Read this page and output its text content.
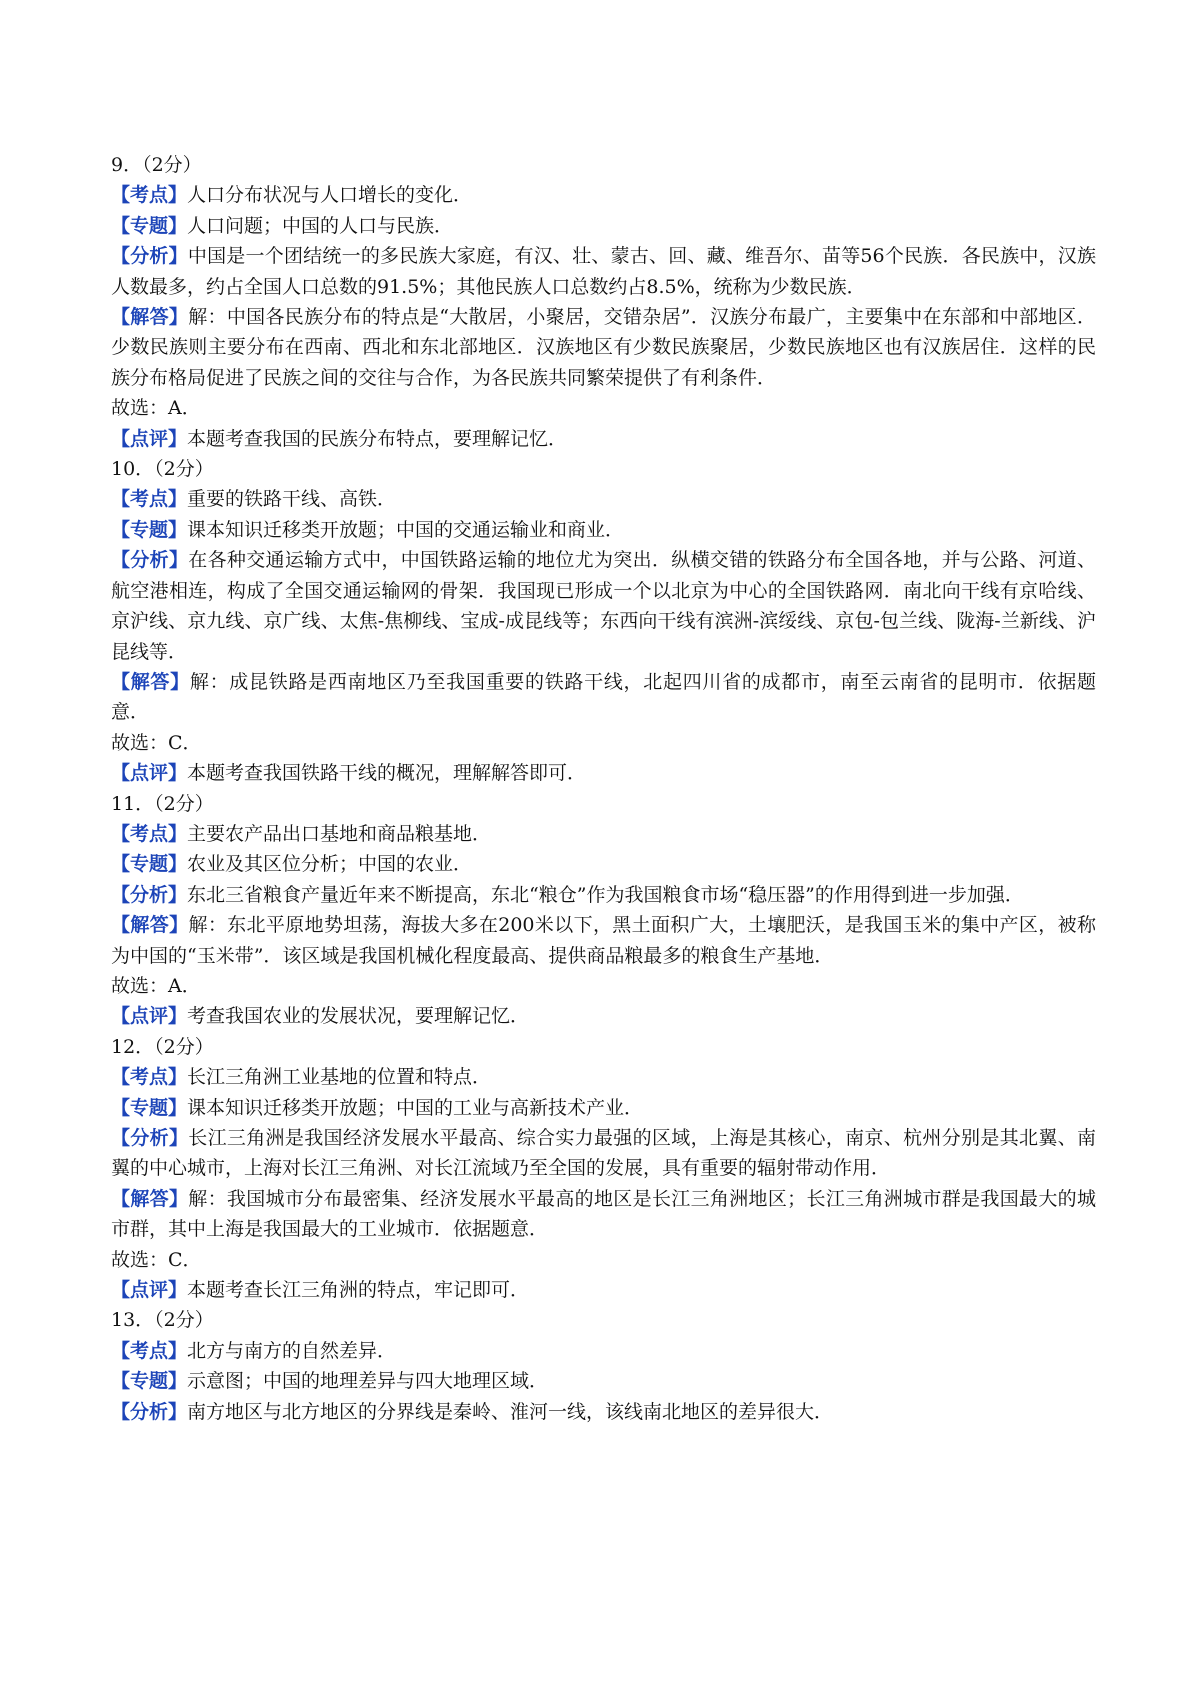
9．（2分）

【考点】人口分布状况与人口增长的变化．

【专题】人口问题；中国的人口与民族．

【分析】中国是一个团结统一的多民族大家庭，有汉、壮、蒙古、回、藏、维吾尔、苗等56个民族．各民族中，汉族人数最多，约占全国人口总数的91.5%；其他民族人口总数约占8.5%，统称为少数民族．

【解答】解：中国各民族分布的特点是“大散居，小聚居，交错杂居”．汉族分布最广，主要集中在东部和中部地区．少数民族则主要分布在西南、西北和东北部地区．汉族地区有少数民族聚居，少数民族地区也有汉族居住．这样的民族分布格局促进了民族之间的交往与合作，为各民族共同繁荣提供了有利条件．

故选：A．

【点评】本题考查我国的民族分布特点，要理解记忆．

10．（2分）

【考点】重要的铁路干线、高铁．

【专题】课本知识迁移类开放题；中国的交通运输业和商业．

【分析】在各种交通运输方式中，中国铁路运输的地位尤为突出．纵横交错的铁路分布全国各地，并与公路、河道、航空港相连，构成了全国交通运输网的骨架．我国现已形成一个以北京为中心的全国铁路网．南北向干线有京哈线、京沪线、京九线、京广线、太焦-焦柳线、宝成-成昆线等；东西向干线有滨洲-滨绥线、京包-包兰线、陇海-兰新线、沪昆线等．

【解答】解：成昆铁路是西南地区乃至我国重要的铁路干线，北起四川省的成都市，南至云南省的昆明市．依据题意．

故选：C．

【点评】本题考查我国铁路干线的概况，理解解答即可．

11．（2分）

【考点】主要农产品出口基地和商品粮基地．

【专题】农业及其区位分析；中国的农业．

【分析】东北三省粮食产量近年来不断提高，东北“粮仓”作为我国粮食市场“稳压器”的作用得到进一步加强．

【解答】解：东北平原地势坦荡，海拔大多在200米以下，黑土面积广大，土壤肥沃，是我国玉米的集中产区，被称为中国的“玉米带”．该区域是我国机械化程度最高、提供商品粮最多的粮食生产基地．

故选：A．

【点评】考查我国农业的发展状况，要理解记忆．

12．（2分）

【考点】长江三角洲工业基地的位置和特点．

【专题】课本知识迁移类开放题；中国的工业与高新技术产业．

【分析】长江三角洲是我国经济发展水平最高、综合实力最强的区域，上海是其核心，南京、杭州分别是其北翼、南翼的中心城市，上海对长江三角洲、对长江流域乃至全国的发展，具有重要的辐射带动作用．

【解答】解：我国城市分布最密集、经济发展水平最高的地区是长江三角洲地区；长江三角洲城市群是我国最大的城市群，其中上海是我国最大的工业城市．依据题意．

故选：C．

【点评】本题考查长江三角洲的特点，牢记即可．

13．（2分）

【考点】北方与南方的自然差异．

【专题】示意图；中国的地理差异与四大地理区域．

【分析】南方地区与北方地区的分界线是秦岭、淮河一线，该线南北地区的差异很大．
